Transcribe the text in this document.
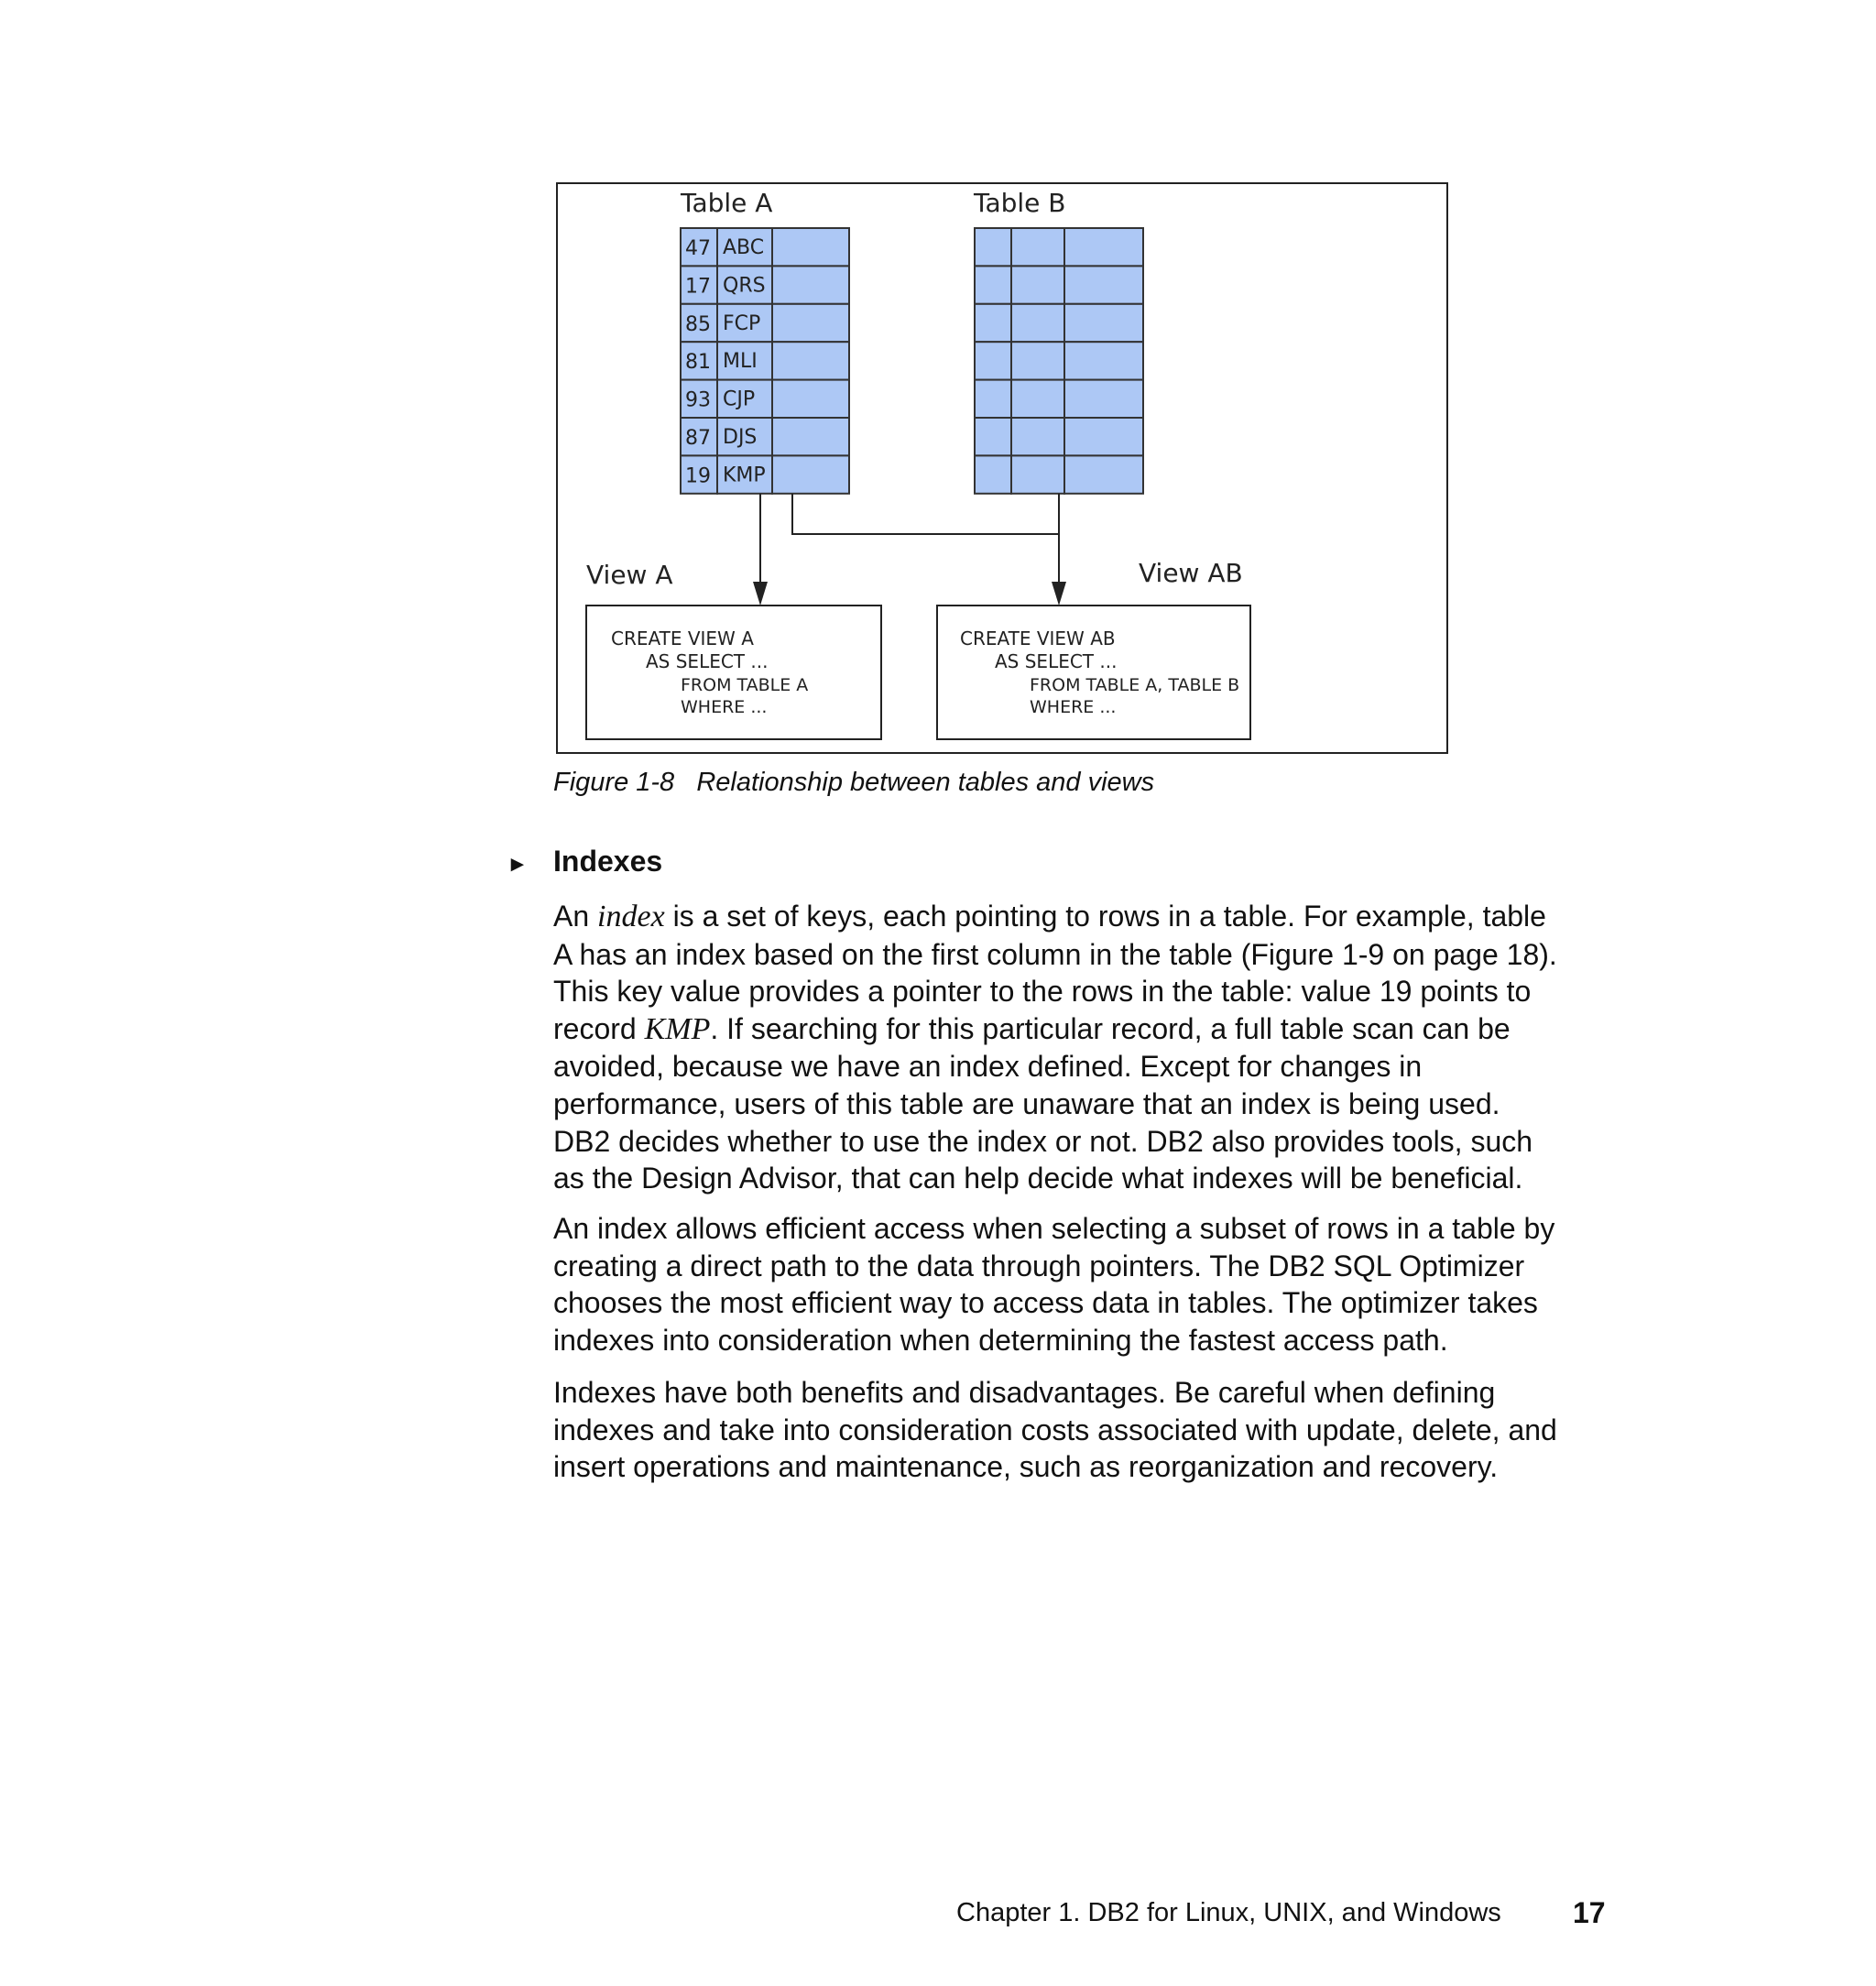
Table A	Table B
47 ABC
17 QRS
85 FCP
81 MLI
93 CJP
87 DJS
19 KMP
View A	View AB
CREATE VIEW A
AS SELECT ...
FROM TABLE A
WHERE ...
CREATE VIEW AB
AS SELECT ...
FROM TABLE A, TABLE B
WHERE ...
Figure 1-8   Relationship between tables and views
► Indexes
An index is a set of keys, each pointing to rows in a table. For example, table
A has an index based on the first column in the table (Figure 1-9 on page 18).
This key value provides a pointer to the rows in the table: value 19 points to
record KMP. If searching for this particular record, a full table scan can be
avoided, because we have an index defined. Except for changes in
performance, users of this table are unaware that an index is being used.
DB2 decides whether to use the index or not. DB2 also provides tools, such
as the Design Advisor, that can help decide what indexes will be beneficial.
An index allows efficient access when selecting a subset of rows in a table by
creating a direct path to the data through pointers. The DB2 SQL Optimizer
chooses the most efficient way to access data in tables. The optimizer takes
indexes into consideration when determining the fastest access path.
Indexes have both benefits and disadvantages. Be careful when defining
indexes and take into consideration costs associated with update, delete, and
insert operations and maintenance, such as reorganization and recovery.
Chapter 1. DB2 for Linux, UNIX, and Windows 17
